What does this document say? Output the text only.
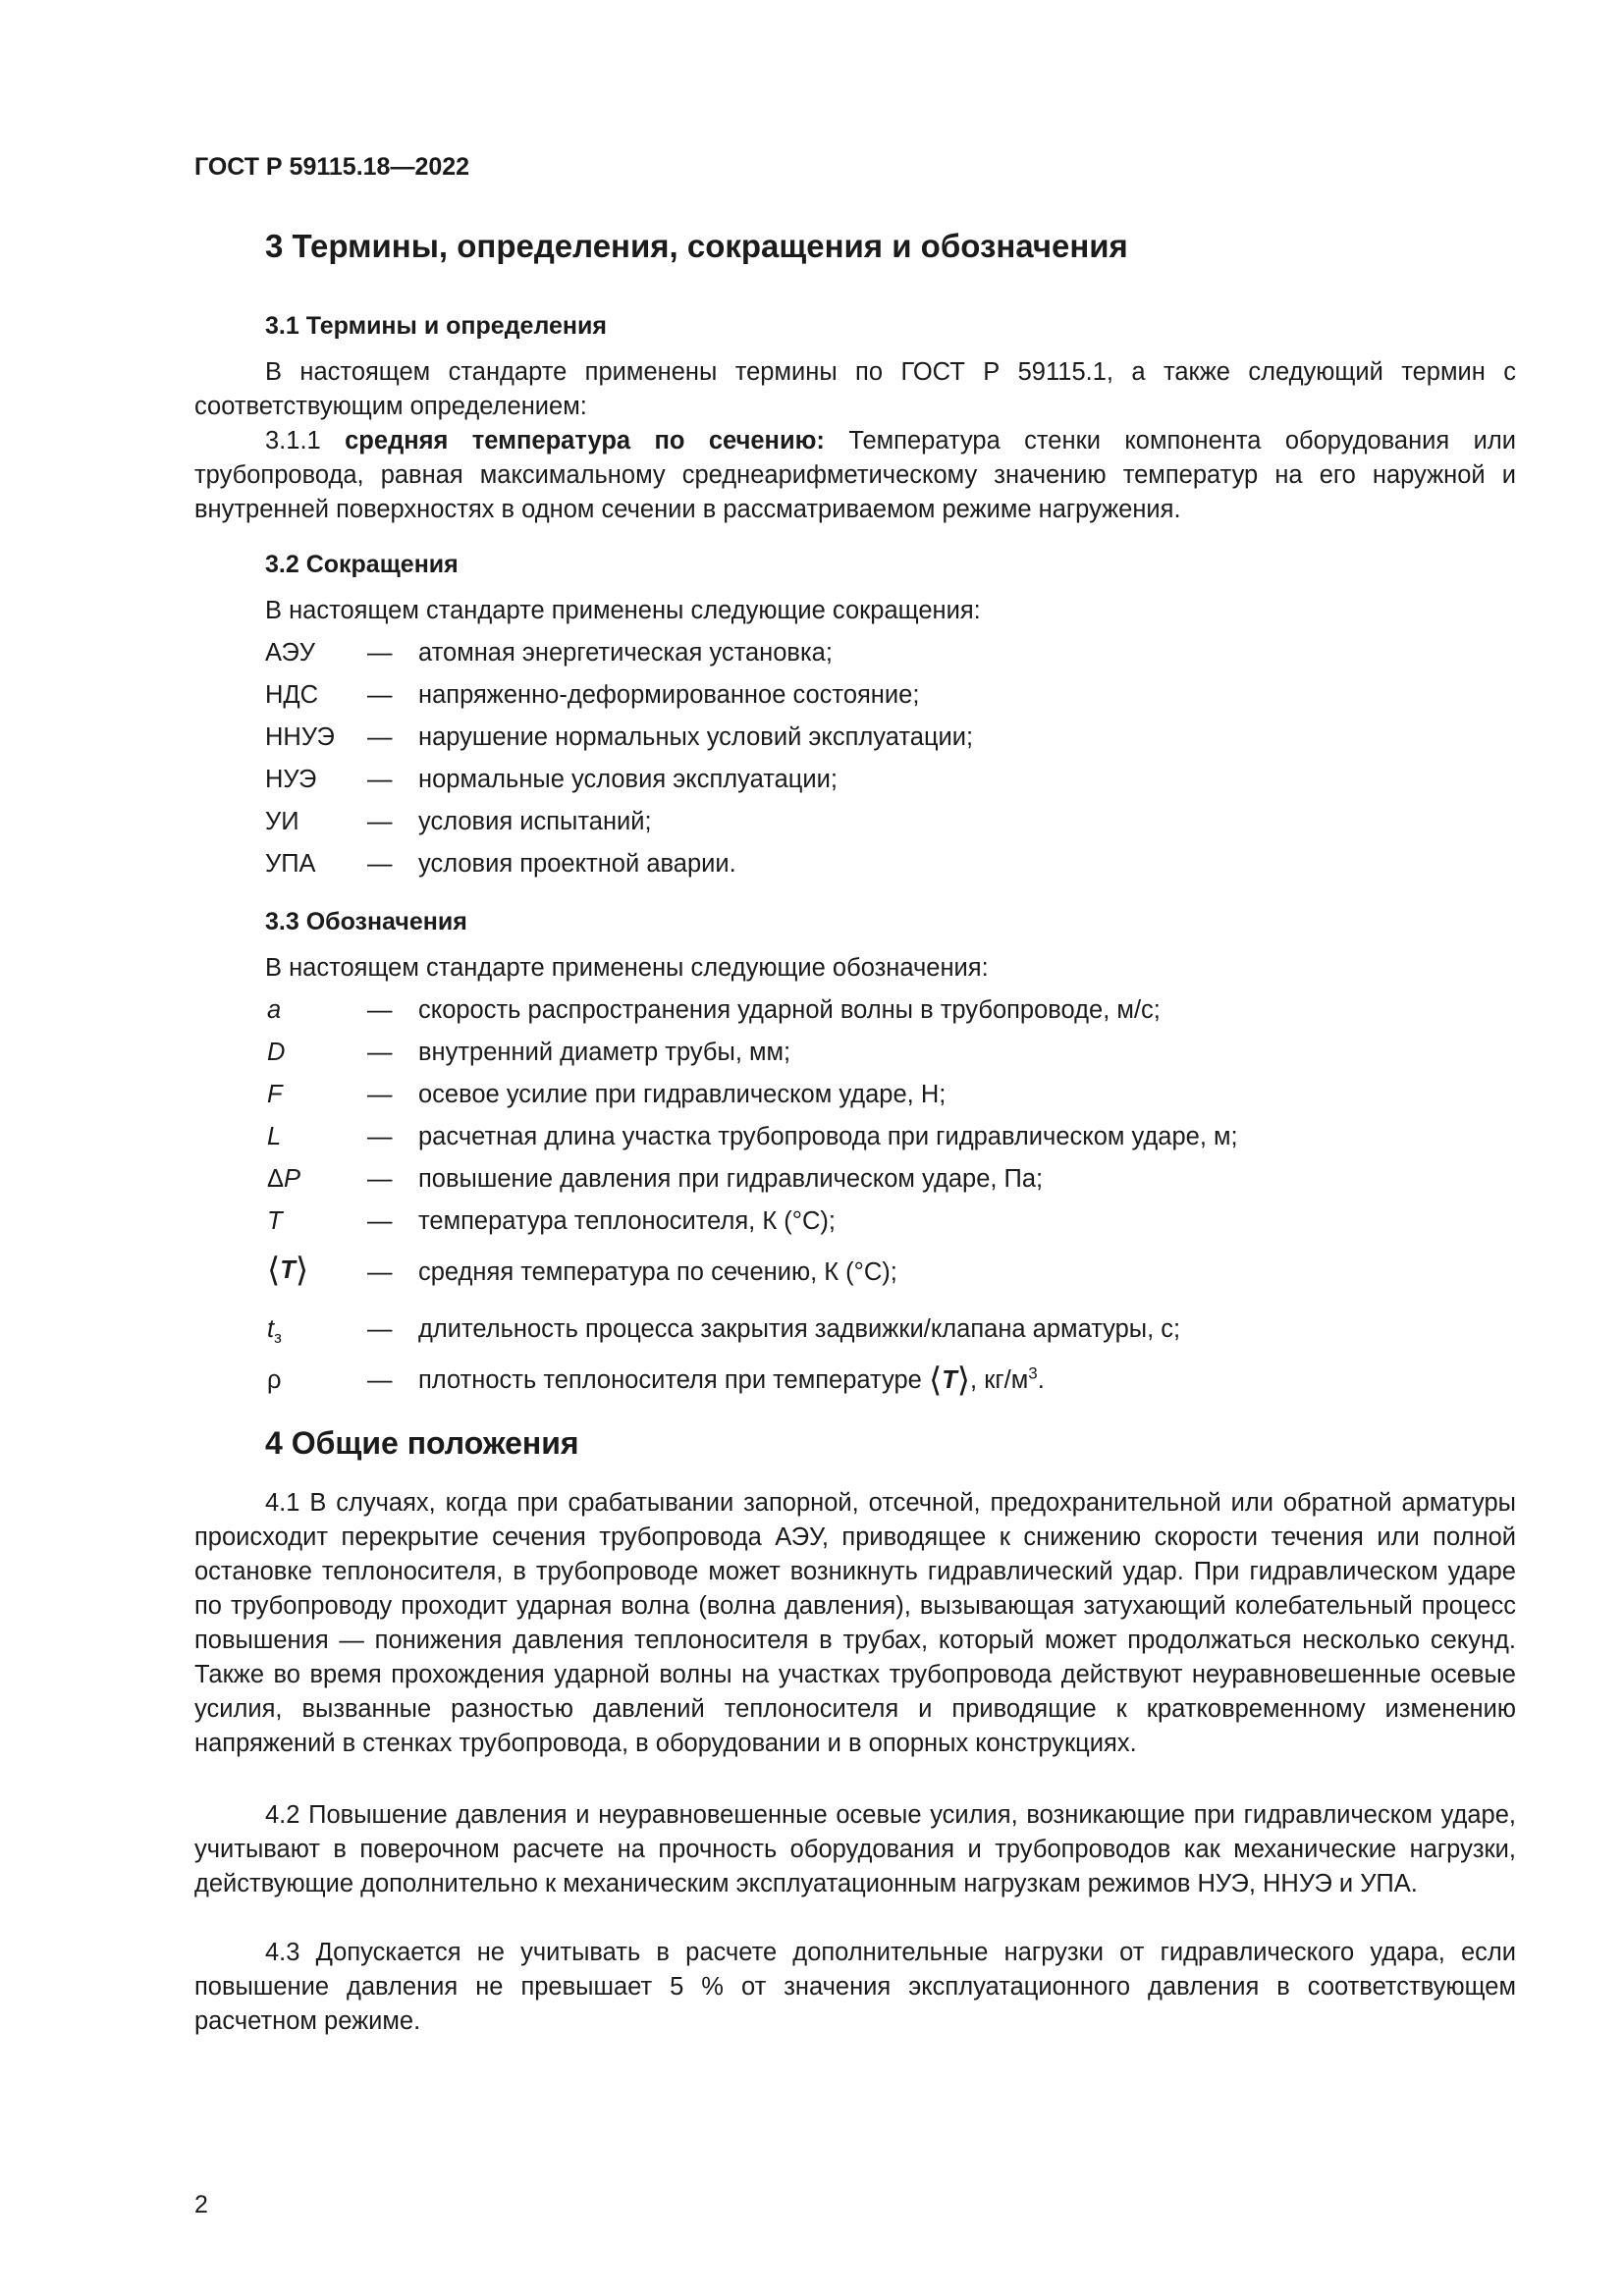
ГОСТ Р 59115.18—2022
3 Термины, определения, сокращения и обозначения
3.1 Термины и определения
В настоящем стандарте применены термины по ГОСТ Р 59115.1, а также следующий термин с соответствующим определением:
3.1.1 средняя температура по сечению: Температура стенки компонента оборудования или трубопровода, равная максимальному среднеарифметическому значению температур на его наружной и внутренней поверхностях в одном сечении в рассматриваемом режиме нагружения.
3.2 Сокращения
В настоящем стандарте применены следующие сокращения:
АЭУ — атомная энергетическая установка;
НДС — напряженно-деформированное состояние;
ННУЭ — нарушение нормальных условий эксплуатации;
НУЭ — нормальные условия эксплуатации;
УИ	— условия испытаний;
УПА — условия проектной аварии.
3.3 Обозначения
В настоящем стандарте применены следующие обозначения:
a	— скорость распространения ударной волны в трубопроводе, м/с;
D	— внутренний диаметр трубы, мм;
F	— осевое усилие при гидравлическом ударе, Н;
L	— расчетная длина участка трубопровода при гидравлическом ударе, м;
ΔP	— повышение давления при гидравлическом ударе, Па;
T	— температура теплоносителя, К (°С);
⟨T⟩ — средняя температура по сечению, К (°С);
$t_з$	— длительность процесса закрытия задвижки/клапана арматуры, с;
ρ	— плотность теплоносителя при температуре ⟨T⟩, $кг/м^3$.
4 Общие положения
4.1 В случаях, когда при срабатывании запорной, отсечной, предохранительной или обратной арматуры происходит перекрытие сечения трубопровода АЭУ, приводящее к снижению скорости течения или полной остановке теплоносителя, в трубопроводе может возникнуть гидравлический удар. При гидравлическом ударе по трубопроводу проходит ударная волна (волна давления), вызывающая затухающий колебательный процесс повышения — понижения давления теплоносителя в трубах, который может продолжаться несколько секунд. Также во время прохождения ударной волны на участках трубопровода действуют неуравновешенные осевые усилия, вызванные разностью давлений теплоносителя и приводящие к кратковременному изменению напряжений в стенках трубопровода, в оборудовании и в опорных конструкциях.
4.2 Повышение давления и неуравновешенные осевые усилия, возникающие при гидравлическом ударе, учитывают в поверочном расчете на прочность оборудования и трубопроводов как механические нагрузки, действующие дополнительно к механическим эксплуатационным нагрузкам режимов НУЭ, ННУЭ и УПА.
4.3 Допускается не учитывать в расчете дополнительные нагрузки от гидравлического удара, если повышение давления не превышает 5 % от значения эксплуатационного давления в соответствующем расчетном режиме.
2
